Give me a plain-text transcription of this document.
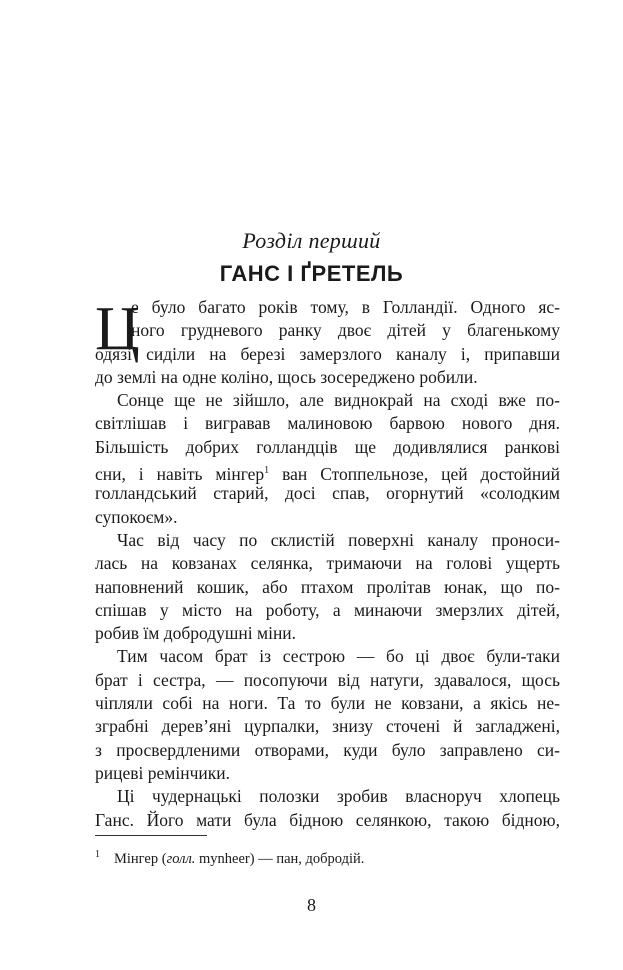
Розділ перший
ГАНС І ҐРЕТЕЛЬ
Ц
е було багато років тому, в Голландії. Одного яс-
ного грудневого ранку двоє дітей у благенькому
одязі сиділи на березі замерзлого каналу і, припавши
до землі на одне коліно, щось зосереджено робили.
Сонце ще не зійшло, але виднокрай на сході вже по-
світлішав і вигравав малиновою барвою нового дня.
Більшість добрих голландців ще додивлялися ранкові
сни, і навіть мінгер$^1$ ван Стоппельнозе, цей достойний
голландський старий, досі спав, огорнутий «солодким
супокоєм».
Час від часу по склистій поверхні каналу проноси-
лась на ковзанах селянка, тримаючи на голові ущерть
наповнений кошик, або птахом пролітав юнак, що по-
спішав у місто на роботу, а минаючи змерзлих дітей,
робив їм добродушні міни.
Тим часом брат із сестрою — бо ці двоє були-таки
брат і сестра, — посопуючи від натуги, здавалося, щось
чіпляли собі на ноги. Та то були не ковзани, а якісь не-
зграбні дерев’яні цурпалки, знизу сточені й загладжені,
з просвердленими отворами, куди було заправлено си-
рицеві ремінчики.
Ці чудернацькі полозки зробив власноруч хлопець
Ганс. Його мати була бідною селянкою, такою бідною,
$^1$ Мінгер (голл. mynheer) — пан, добродій.
8
